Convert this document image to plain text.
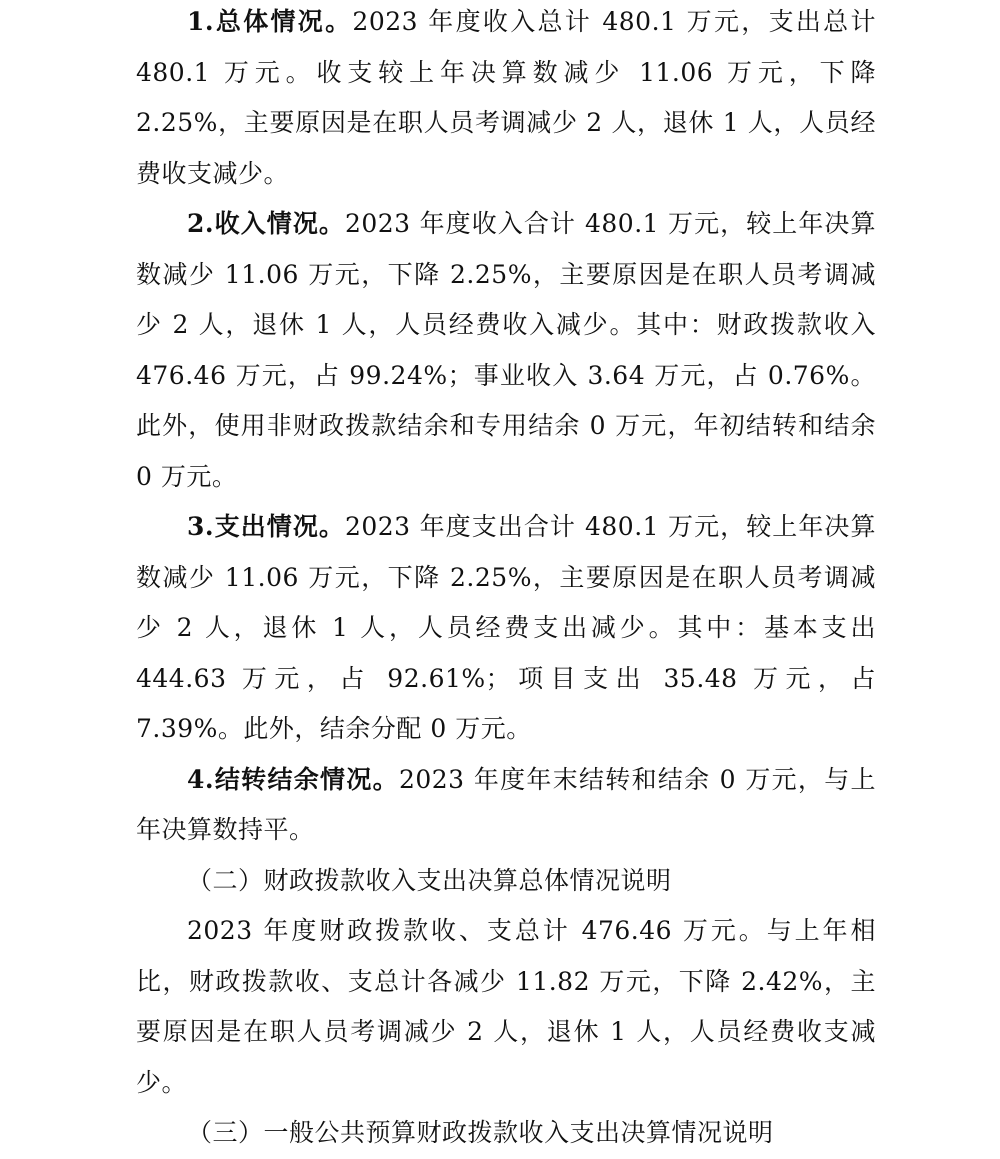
1.总体情况。2023 年度收入总计 480.1 万元，支出总计 480.1 万元。收支较上年决算数减少 11.06 万元，下降 2.25%，主要原因是在职人员考调减少 2 人，退休 1 人，人员经费收支减少。

2.收入情况。2023 年度收入合计 480.1 万元，较上年决算数减少 11.06 万元，下降 2.25%，主要原因是在职人员考调减少 2 人，退休 1 人，人员经费收入减少。其中：财政拨款收入 476.46 万元，占 99.24%；事业收入 3.64 万元，占 0.76%。此外，使用非财政拨款结余和专用结余 0 万元，年初结转和结余 0 万元。

3.支出情况。2023 年度支出合计 480.1 万元，较上年决算数减少 11.06 万元，下降 2.25%，主要原因是在职人员考调减少 2 人，退休 1 人，人员经费支出减少。其中：基本支出 444.63 万元，占 92.61%；项目支出 35.48 万元，占 7.39%。此外，结余分配 0 万元。

4.结转结余情况。2023 年度年末结转和结余 0 万元，与上年决算数持平。

（二）财政拨款收入支出决算总体情况说明

2023 年度财政拨款收、支总计 476.46 万元。与上年相比，财政拨款收、支总计各减少 11.82 万元，下降 2.42%，主要原因是在职人员考调减少 2 人，退休 1 人，人员经费收支减少。

（三）一般公共预算财政拨款收入支出决算情况说明
